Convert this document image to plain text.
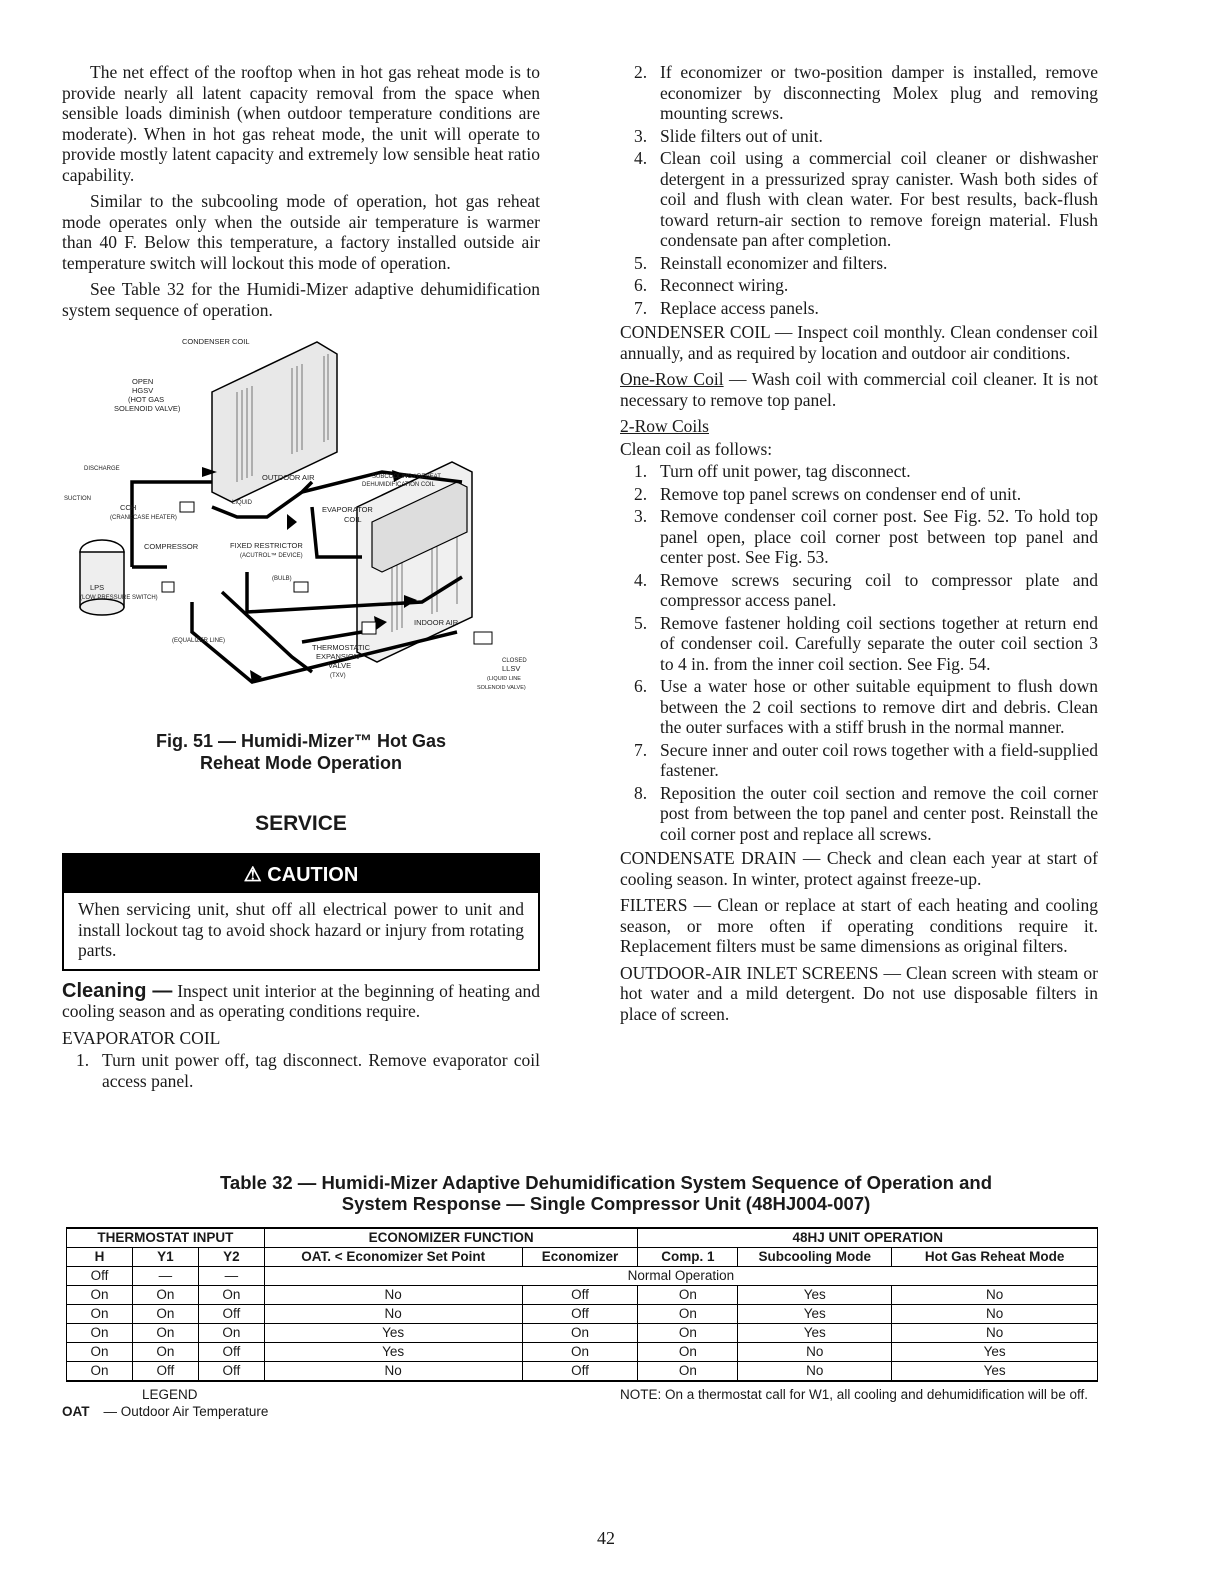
The net effect of the rooftop when in hot gas reheat mode is to provide nearly all latent capacity removal from the space when sensible loads diminish (when outdoor temperature conditions are moderate). When in hot gas reheat mode, the unit will operate to provide mostly latent capacity and extremely low sensible heat ratio capability.

Similar to the subcooling mode of operation, hot gas reheat mode operates only when the outside air temperature is warmer than 40 F. Below this temperature, a factory installed outside air temperature switch will lockout this mode of operation.

See Table 32 for the Humidi-Mizer adaptive dehumidification system sequence of operation.

CONDENSER COIL
OPEN
HGSV
(HOT GAS
SOLENOID VALVE)
DISCHARGE
SUCTION
CCH
(CRANKCASE HEATER)
COMPRESSOR
LPS
(LOW PRESSURE SWITCH)
OUTDOOR AIR
LIQUID
SUBCOOLING / REHEAT
DEHUMIDIFICATION COIL
EVAPORATOR
COIL
FIXED RESTRICTOR
(ACUTROL™ DEVICE)
(BULB)
INDOOR AIR
(EQUALIZER LINE)
THERMOSTATIC
EXPANSION
VALVE
(TXV)
CLOSED
LLSV
(LIQUID LINE
SOLENOID VALVE)
Fig. 51 — Humidi-Mizer™ Hot Gas
Reheat Mode Operation
SERVICE
⚠ CAUTION
When servicing unit, shut off all electrical power to unit and install lockout tag to avoid shock hazard or injury from rotating parts.

Cleaning — Inspect unit interior at the beginning of heating and cooling season and as operating conditions require.

EVAPORATOR COIL

1. Turn unit power off, tag disconnect. Remove evaporator coil access panel.
2. If economizer or two-position damper is installed, remove economizer by disconnecting Molex plug and removing mounting screws.
3. Slide filters out of unit.
4. Clean coil using a commercial coil cleaner or dishwasher detergent in a pressurized spray canister. Wash both sides of coil and flush with clean water. For best results, back-flush toward return-air section to remove foreign material. Flush condensate pan after completion.
5. Reinstall economizer and filters.
6. Reconnect wiring.
7. Replace access panels.

CONDENSER COIL — Inspect coil monthly. Clean condenser coil annually, and as required by location and outdoor air conditions.

One-Row Coil — Wash coil with commercial coil cleaner. It is not necessary to remove top panel.

2-Row Coils

Clean coil as follows:

1. Turn off unit power, tag disconnect.
2. Remove top panel screws on condenser end of unit.
3. Remove condenser coil corner post. See Fig. 52. To hold top panel open, place coil corner post between top panel and center post. See Fig. 53.
4. Remove screws securing coil to compressor plate and compressor access panel.
5. Remove fastener holding coil sections together at return end of condenser coil. Carefully separate the outer coil section 3 to 4 in. from the inner coil section. See Fig. 54.
6. Use a water hose or other suitable equipment to flush down between the 2 coil sections to remove dirt and debris. Clean the outer surfaces with a stiff brush in the normal manner.
7. Secure inner and outer coil rows together with a field-supplied fastener.
8. Reposition the outer coil section and remove the coil corner post from between the top panel and center post. Reinstall the coil corner post and replace all screws.

CONDENSATE DRAIN — Check and clean each year at start of cooling season. In winter, protect against freeze-up.

FILTERS — Clean or replace at start of each heating and cooling season, or more often if operating conditions require it. Replacement filters must be same dimensions as original filters.

OUTDOOR-AIR INLET SCREENS — Clean screen with steam or hot water and a mild detergent. Do not use disposable filters in place of screen.

Table 32 — Humidi-Mizer Adaptive Dehumidification System Sequence of Operation and
System Response — Single Compressor Unit (48HJ004-007)
THERMOSTAT INPUT			ECONOMIZER FUNCTION		48HJ UNIT OPERATION		
H	Y1	Y2	OAT. < Economizer Set Point	Economizer	Comp. 1	Subcooling Mode	Hot Gas Reheat Mode
Off	—	—	Normal Operation				
On	On	On	No	Off	On	Yes	No
On	On	Off	No	Off	On	Yes	No
On	On	On	Yes	On	On	Yes	No
On	On	Off	Yes	On	On	No	Yes
On	Off	Off	No	Off	On	No	Yes
LEGEND
OAT — Outdoor Air Temperature
NOTE: On a thermostat call for W1, all cooling and dehumidification will be off.
42
